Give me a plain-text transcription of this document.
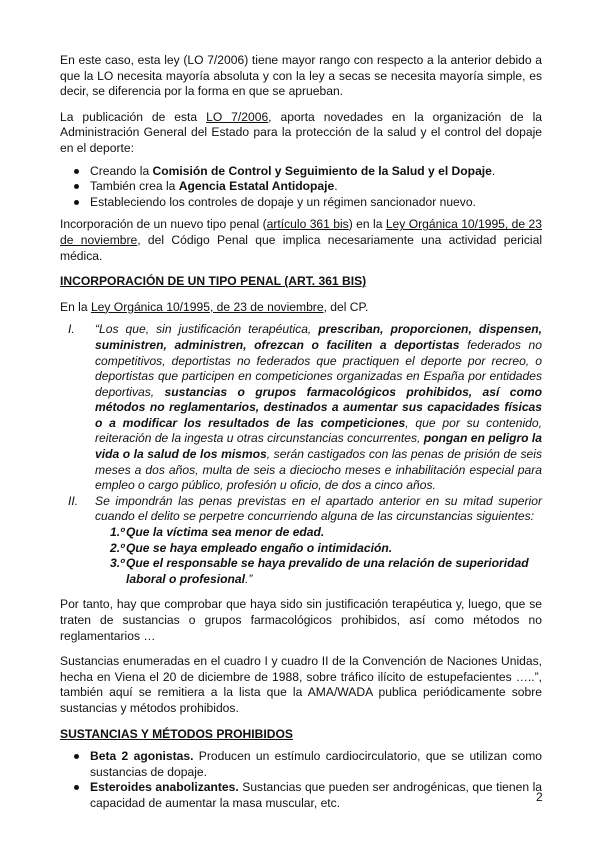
En este caso, esta ley (LO 7/2006) tiene mayor rango con respecto a la anterior debido a que la LO necesita mayoría absoluta y con la ley a secas se necesita mayoría simple, es decir, se diferencia por la forma en que se aprueban.

La publicación de esta LO 7/2006, aporta novedades en la organización de la Administración General del Estado para la protección de la salud y el control del dopaje en el deporte:

Creando la Comisión de Control y Seguimiento de la Salud y el Dopaje.
También crea la Agencia Estatal Antidopaje.
Estableciendo los controles de dopaje y un régimen sancionador nuevo.

Incorporación de un nuevo tipo penal (artículo 361 bis) en la Ley Orgánica 10/1995, de 23 de noviembre, del Código Penal que implica necesariamente una actividad pericial médica.

INCORPORACIÓN DE UN TIPO PENAL (ART. 361 BIS)

En la Ley Orgánica 10/1995, de 23 de noviembre, del CP.

I. “Los que, sin justificación terapéutica, prescriban, proporcionen, dispensen, suministren, administren, ofrezcan o faciliten a deportistas federados no competitivos, deportistas no federados que practiquen el deporte por recreo, o deportistas que participen en competiciones organizadas en España por entidades deportivas, sustancias o grupos farmacológicos prohibidos, así como métodos no reglamentarios, destinados a aumentar sus capacidades físicas o a modificar los resultados de las competiciones, que por su contenido, reiteración de la ingesta u otras circunstancias concurrentes, pongan en peligro la vida o la salud de los mismos, serán castigados con las penas de prisión de seis meses a dos años, multa de seis a dieciocho meses e inhabilitación especial para empleo o cargo público, profesión u oficio, de dos a cinco años.

II. Se impondrán las penas previstas en el apartado anterior en su mitad superior cuando el delito se perpetre concurriendo alguna de las circunstancias siguientes:

1.º Que la víctima sea menor de edad.
2.º Que se haya empleado engaño o intimidación.
3.º Que el responsable se haya prevalido de una relación de superioridad laboral o profesional.”

Por tanto, hay que comprobar que haya sido sin justificación terapéutica y, luego, que se traten de sustancias o grupos farmacológicos prohibidos, así como métodos no reglamentarios …

Sustancias enumeradas en el cuadro I y cuadro II de la Convención de Naciones Unidas, hecha en Viena el 20 de diciembre de 1988, sobre tráfico ilícito de estupefacientes …..”, también aquí se remitiera a la lista que la AMA/WADA publica periódicamente sobre sustancias y métodos prohibidos.

SUSTANCIAS Y MÉTODOS PROHIBIDOS

Beta 2 agonistas. Producen un estímulo cardiocirculatorio, que se utilizan como sustancias de dopaje.
Esteroides anabolizantes. Sustancias que pueden ser androgénicas, que tienen la capacidad de aumentar la masa muscular, etc.	2
